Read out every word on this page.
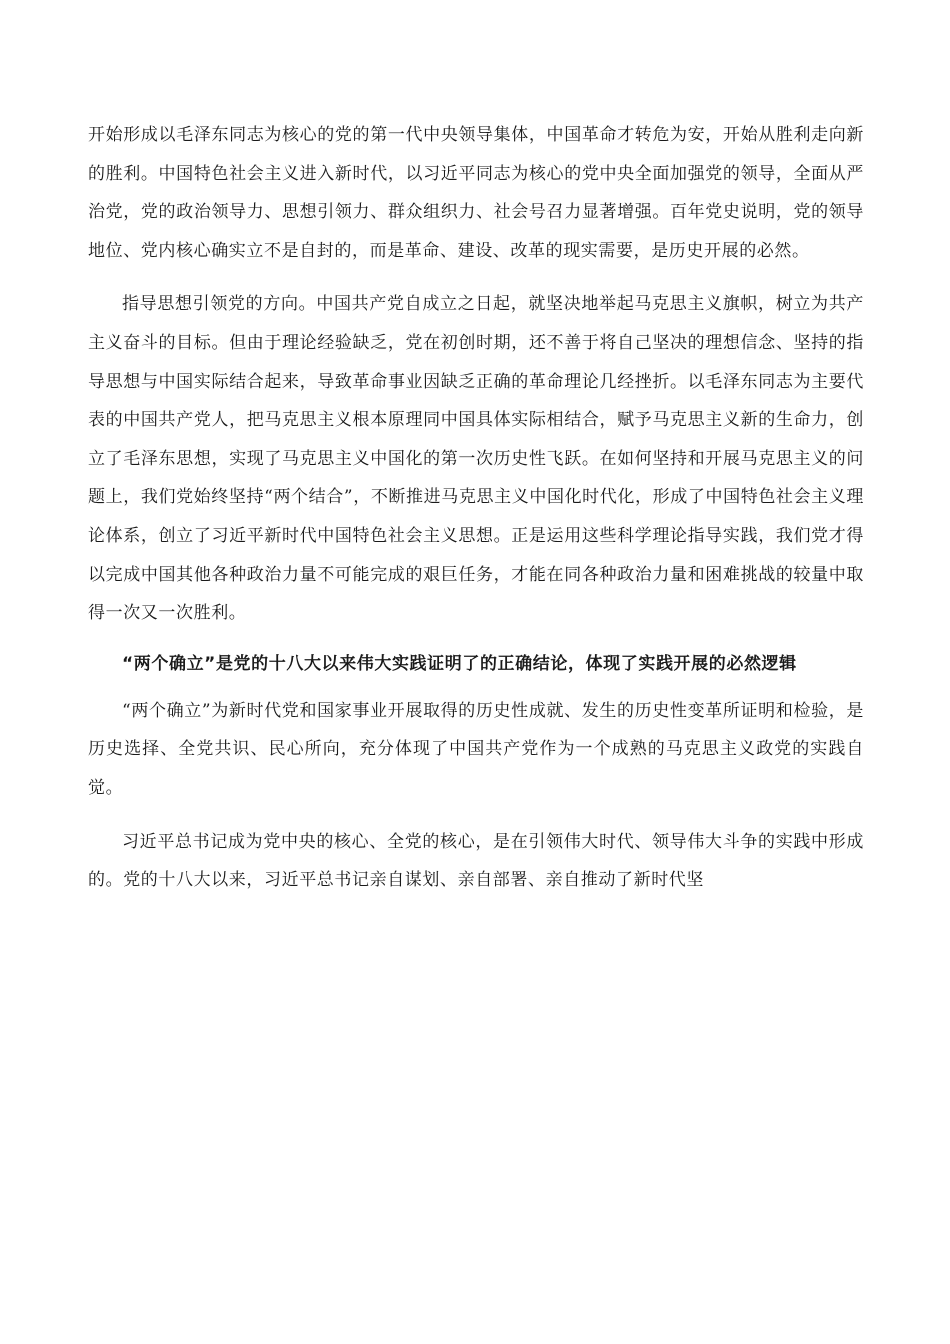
开始形成以毛泽东同志为核心的党的第一代中央领导集体，中国革命才转危为安，开始从胜利走向新的胜利。中国特色社会主义进入新时代，以习近平同志为核心的党中央全面加强党的领导，全面从严治党，党的政治领导力、思想引领力、群众组织力、社会号召力显著增强。百年党史说明，党的领导地位、党内核心确实立不是自封的，而是革命、建设、改革的现实需要，是历史开展的必然。

指导思想引领党的方向。中国共产党自成立之日起，就坚决地举起马克思主义旗帜，树立为共产主义奋斗的目标。但由于理论经验缺乏，党在初创时期，还不善于将自己坚决的理想信念、坚持的指导思想与中国实际结合起来，导致革命事业因缺乏正确的革命理论几经挫折。以毛泽东同志为主要代表的中国共产党人，把马克思主义根本原理同中国具体实际相结合，赋予马克思主义新的生命力，创立了毛泽东思想，实现了马克思主义中国化的第一次历史性飞跃。在如何坚持和开展马克思主义的问题上，我们党始终坚持“两个结合”，不断推进马克思主义中国化时代化，形成了中国特色社会主义理论体系，创立了习近平新时代中国特色社会主义思想。正是运用这些科学理论指导实践，我们党才得以完成中国其他各种政治力量不可能完成的艰巨任务，才能在同各种政治力量和困难挑战的较量中取得一次又一次胜利。

“两个确立”是党的十八大以来伟大实践证明了的正确结论，体现了实践开展的必然逻辑

“两个确立”为新时代党和国家事业开展取得的历史性成就、发生的历史性变革所证明和检验，是历史选择、全党共识、民心所向，充分体现了中国共产党作为一个成熟的马克思主义政党的实践自觉。

习近平总书记成为党中央的核心、全党的核心，是在引领伟大时代、领导伟大斗争的实践中形成的。党的十八大以来，习近平总书记亲自谋划、亲自部署、亲自推动了新时代坚
